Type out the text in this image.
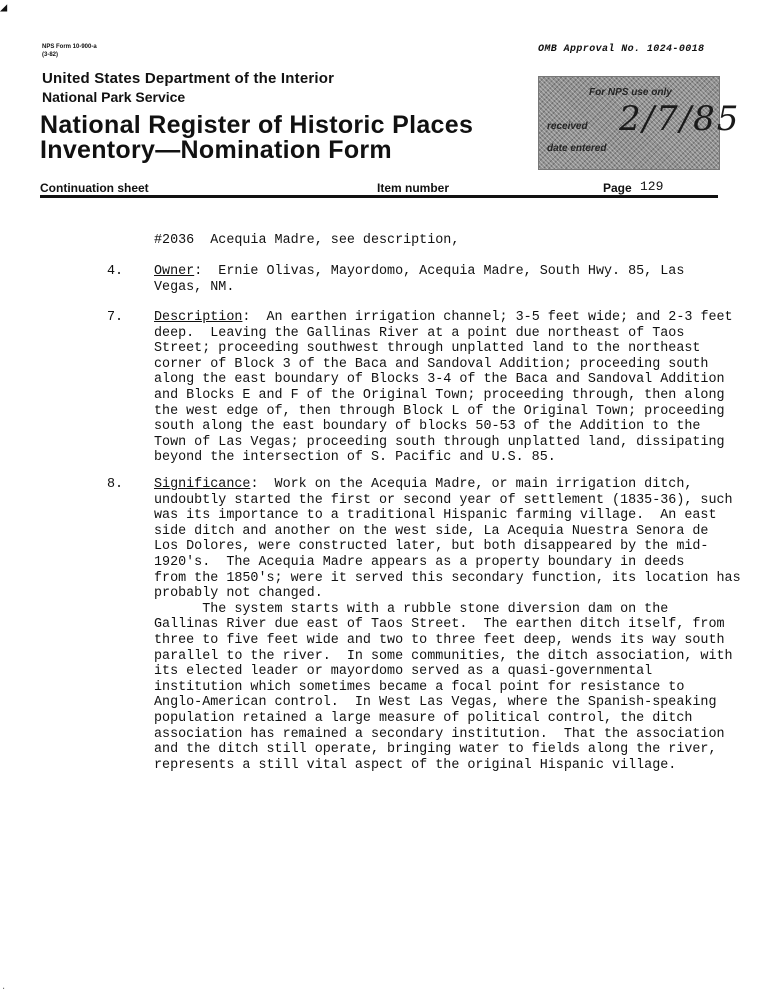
◢
NPS Form 10-900-a
(3-82)	OMB Approval No. 1024-0018
United States Department of the Interior
National Park Service
National Register of Historic Places
Inventory—Nomination Form
For NPS use only
received
date entered
2/7/85
Continuation sheet	Item number	Page 129
#2036  Acequia Madre, see description,
4. Owner:  Ernie Olivas, Mayordomo, Acequia Madre, South Hwy. 85, Las
Vegas, NM.
7. Description:  An earthen irrigation channel; 3-5 feet wide; and 2-3 feet
deep.  Leaving the Gallinas River at a point due northeast of Taos
Street; proceeding southwest through unplatted land to the northeast
corner of Block 3 of the Baca and Sandoval Addition; proceeding south
along the east boundary of Blocks 3-4 of the Baca and Sandoval Addition
and Blocks E and F of the Original Town; proceeding through, then along
the west edge of, then through Block L of the Original Town; proceeding
south along the east boundary of blocks 50-53 of the Addition to the
Town of Las Vegas; proceeding south through unplatted land, dissipating
beyond the intersection of S. Pacific and U.S. 85.
8. Significance:  Work on the Acequia Madre, or main irrigation ditch,
undoubtly started the first or second year of settlement (1835-36), such
was its importance to a traditional Hispanic farming village.  An east
side ditch and another on the west side, La Acequia Nuestra Senora de
Los Dolores, were constructed later, but both disappeared by the mid-
1920's.  The Acequia Madre appears as a property boundary in deeds
from the 1850's; were it served this secondary function, its location has
probably not changed.
The system starts with a rubble stone diversion dam on the
Gallinas River due east of Taos Street.  The earthen ditch itself, from
three to five feet wide and two to three feet deep, wends its way south
parallel to the river.  In some communities, the ditch association, with
its elected leader or mayordomo served as a quasi-governmental
institution which sometimes became a focal point for resistance to
Anglo-American control.  In West Las Vegas, where the Spanish-speaking
population retained a large measure of political control, the ditch
association has remained a secondary institution.  That the association
and the ditch still operate, bringing water to fields along the river,
represents a still vital aspect of the original Hispanic village.
‧
